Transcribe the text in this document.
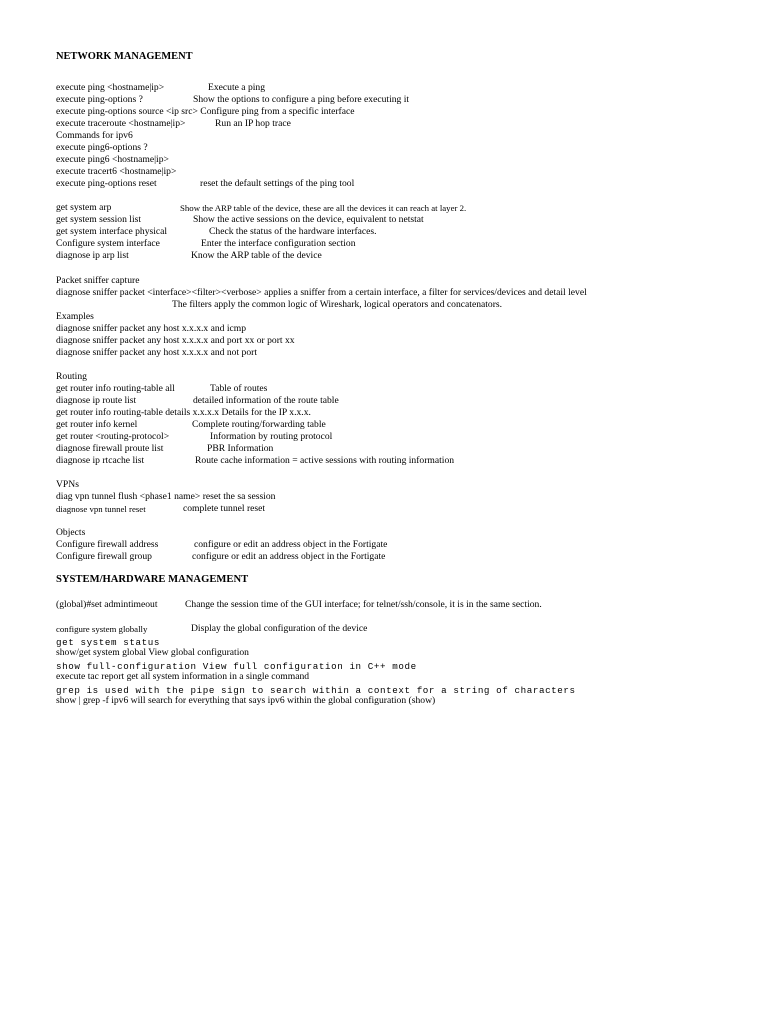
NETWORK MANAGEMENT
execute ping <hostname|ip>	Execute a ping
execute ping-options ?	Show the options to configure a ping before executing it
execute ping-options source <ip src> Configure ping from a specific interface
execute traceroute <hostname|ip>	Run an IP hop trace
Commands for ipv6
execute ping6-options ?
execute ping6 <hostname|ip>
execute tracert6 <hostname|ip>
execute ping-options reset	reset the default settings of the ping tool
get system arp	Show the ARP table of the device, these are all the devices it can reach at layer 2.
get system session list	Show the active sessions on the device, equivalent to netstat
get system interface physical	Check the status of the hardware interfaces.
Configure system interface	Enter the interface configuration section
diagnose ip arp list	Know the ARP table of the device
Packet sniffer capture
diagnose sniffer packet <interface><filter><verbose> applies a sniffer from a certain interface, a filter for services/devices and detail level
The filters apply the common logic of Wireshark, logical operators and concatenators.
Examples
diagnose sniffer packet any host x.x.x.x and icmp
diagnose sniffer packet any host x.x.x.x and port xx or port xx
diagnose sniffer packet any host x.x.x.x and not port
Routing
get router info routing-table all	Table of routes
diagnose ip route list	detailed information of the route table
get router info routing-table details x.x.x.x Details for the IP x.x.x.
get router info kernel	Complete routing/forwarding table
get router <routing-protocol>	Information by routing protocol
diagnose firewall proute list	PBR Information
diagnose ip rtcache list	Route cache information = active sessions with routing information
VPNs
diag vpn tunnel flush <phase1 name> reset the sa session
diagnose vpn tunnel reset	complete tunnel reset
Objects
Configure firewall address	configure or edit an address object in the Fortigate
Configure firewall group	configure or edit an address object in the Fortigate
SYSTEM/HARDWARE MANAGEMENT
(global)#set admintimeout	Change the session time of the GUI interface; for telnet/ssh/console, it is in the same section.
configure system globally	Display the global configuration of the device
get system status
show/get system global View global configuration
show full-configuration View full configuration in C++ mode
execute tac report get all system information in a single command
grep is used with the pipe sign to search within a context for a string of characters
show | grep -f ipv6 will search for everything that says ipv6 within the global configuration (show)
